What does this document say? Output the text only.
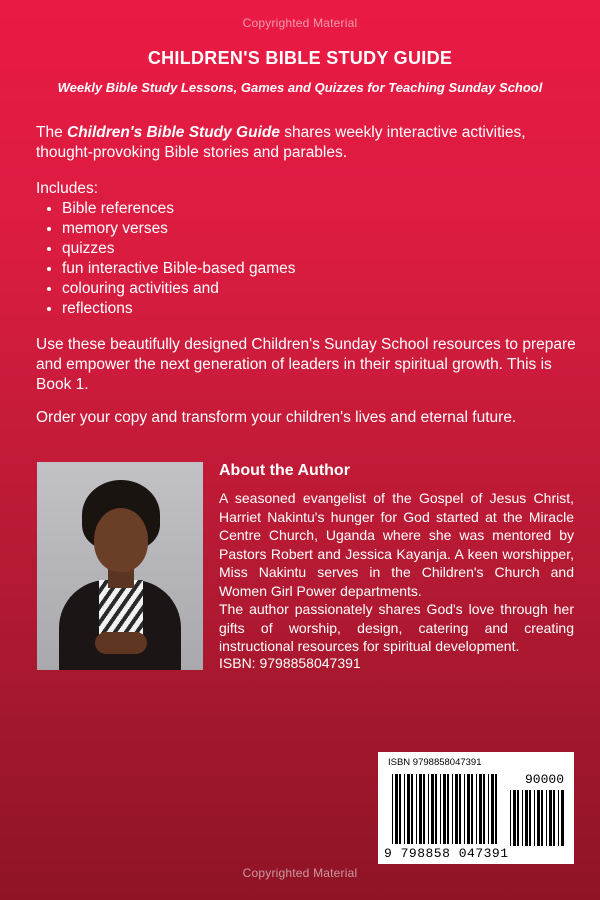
Copyrighted Material
CHILDREN'S BIBLE STUDY GUIDE
Weekly Bible Study Lessons, Games and Quizzes for Teaching Sunday School
The Children's Bible Study Guide shares weekly interactive activities, thought-provoking Bible stories and parables.
Includes:
• Bible references
• memory verses
• quizzes
• fun interactive Bible-based games
• colouring activities and
• reflections
Use these beautifully designed Children's Sunday School resources to prepare and empower the next generation of leaders in their spiritual growth. This is Book 1.
Order your copy and transform your children's lives and eternal future.
About the Author

A seasoned evangelist of the Gospel of Jesus Christ, Harriet Nakintu's hunger for God started at the Miracle Centre Church, Uganda where she was mentored by Pastors Robert and Jessica Kayanja. A keen worshipper, Miss Nakintu serves in the Children's Church and Women Girl Power departments.

The author passionately shares God's love through her gifts of worship, design, catering and creating instructional resources for spiritual development.

ISBN: 9798858047391
ISBN 9798858047391
90000
9 798858 047391
Copyrighted Material
